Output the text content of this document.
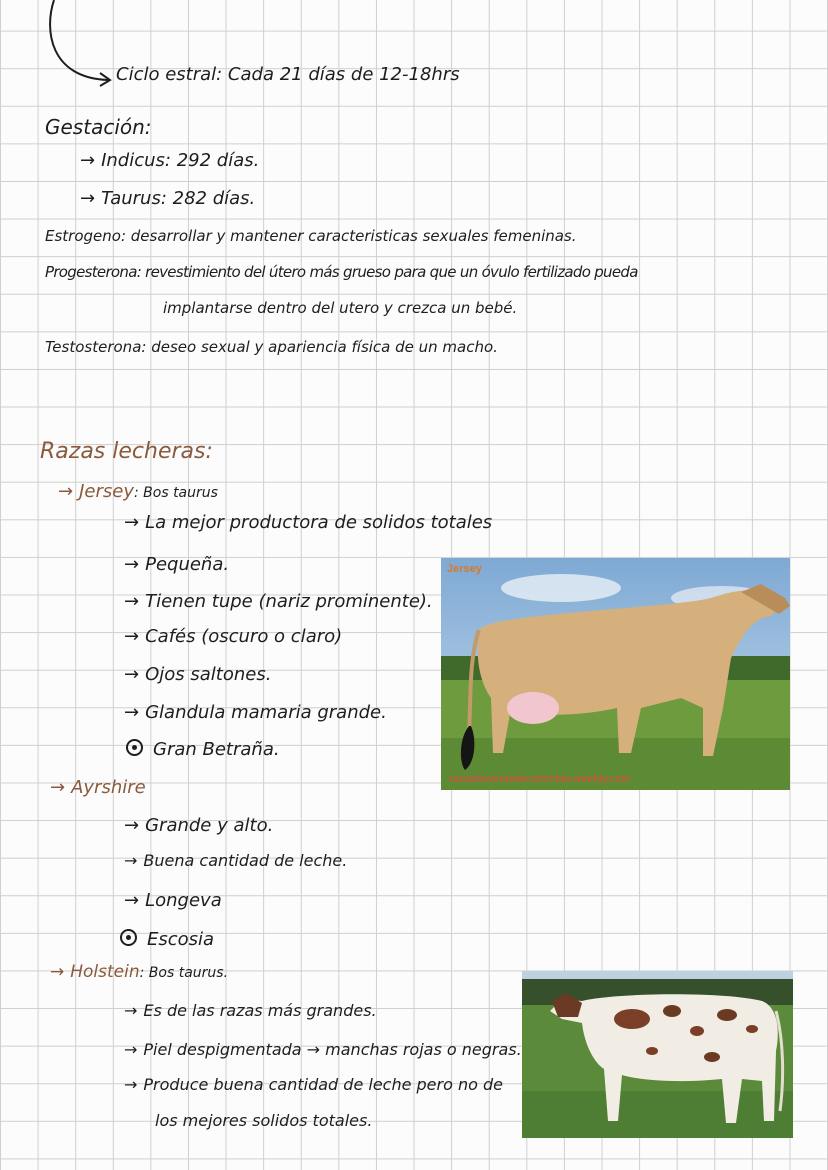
Ciclo estral: Cada 21 días de 12-18hrs
Gestación:
→ Indicus: 292 días.
→ Taurus: 282 días.
Estrogeno: desarrollar y mantener caracteristicas sexuales femeninas.
Progesterona: revestimiento del útero más grueso para que un óvulo fertilizado pueda
implantarse dentro del utero y crezca un bebé.
Testosterona: deseo sexual y apariencia física de un macho.
Razas lecheras:
→ Jersey: Bos taurus
→ La mejor productora de solidos totales
→ Pequeña.
→ Tienen tupe (nariz prominente).
→ Cafés (oscuro o claro)
→ Ojos saltones.
→ Glandula mamaria grande.
Gran Betraña.
Jersey
razasbovinasdecolombia.weebly.com
→ Ayrshire
→ Grande y alto.
→ Buena cantidad de leche.
→ Longeva
Escosia
→ Holstein: Bos taurus.
→ Es de las razas más grandes.
→ Piel despigmentada → manchas rojas o negras.
→ Produce buena cantidad de leche pero no de
los mejores solidos totales.
